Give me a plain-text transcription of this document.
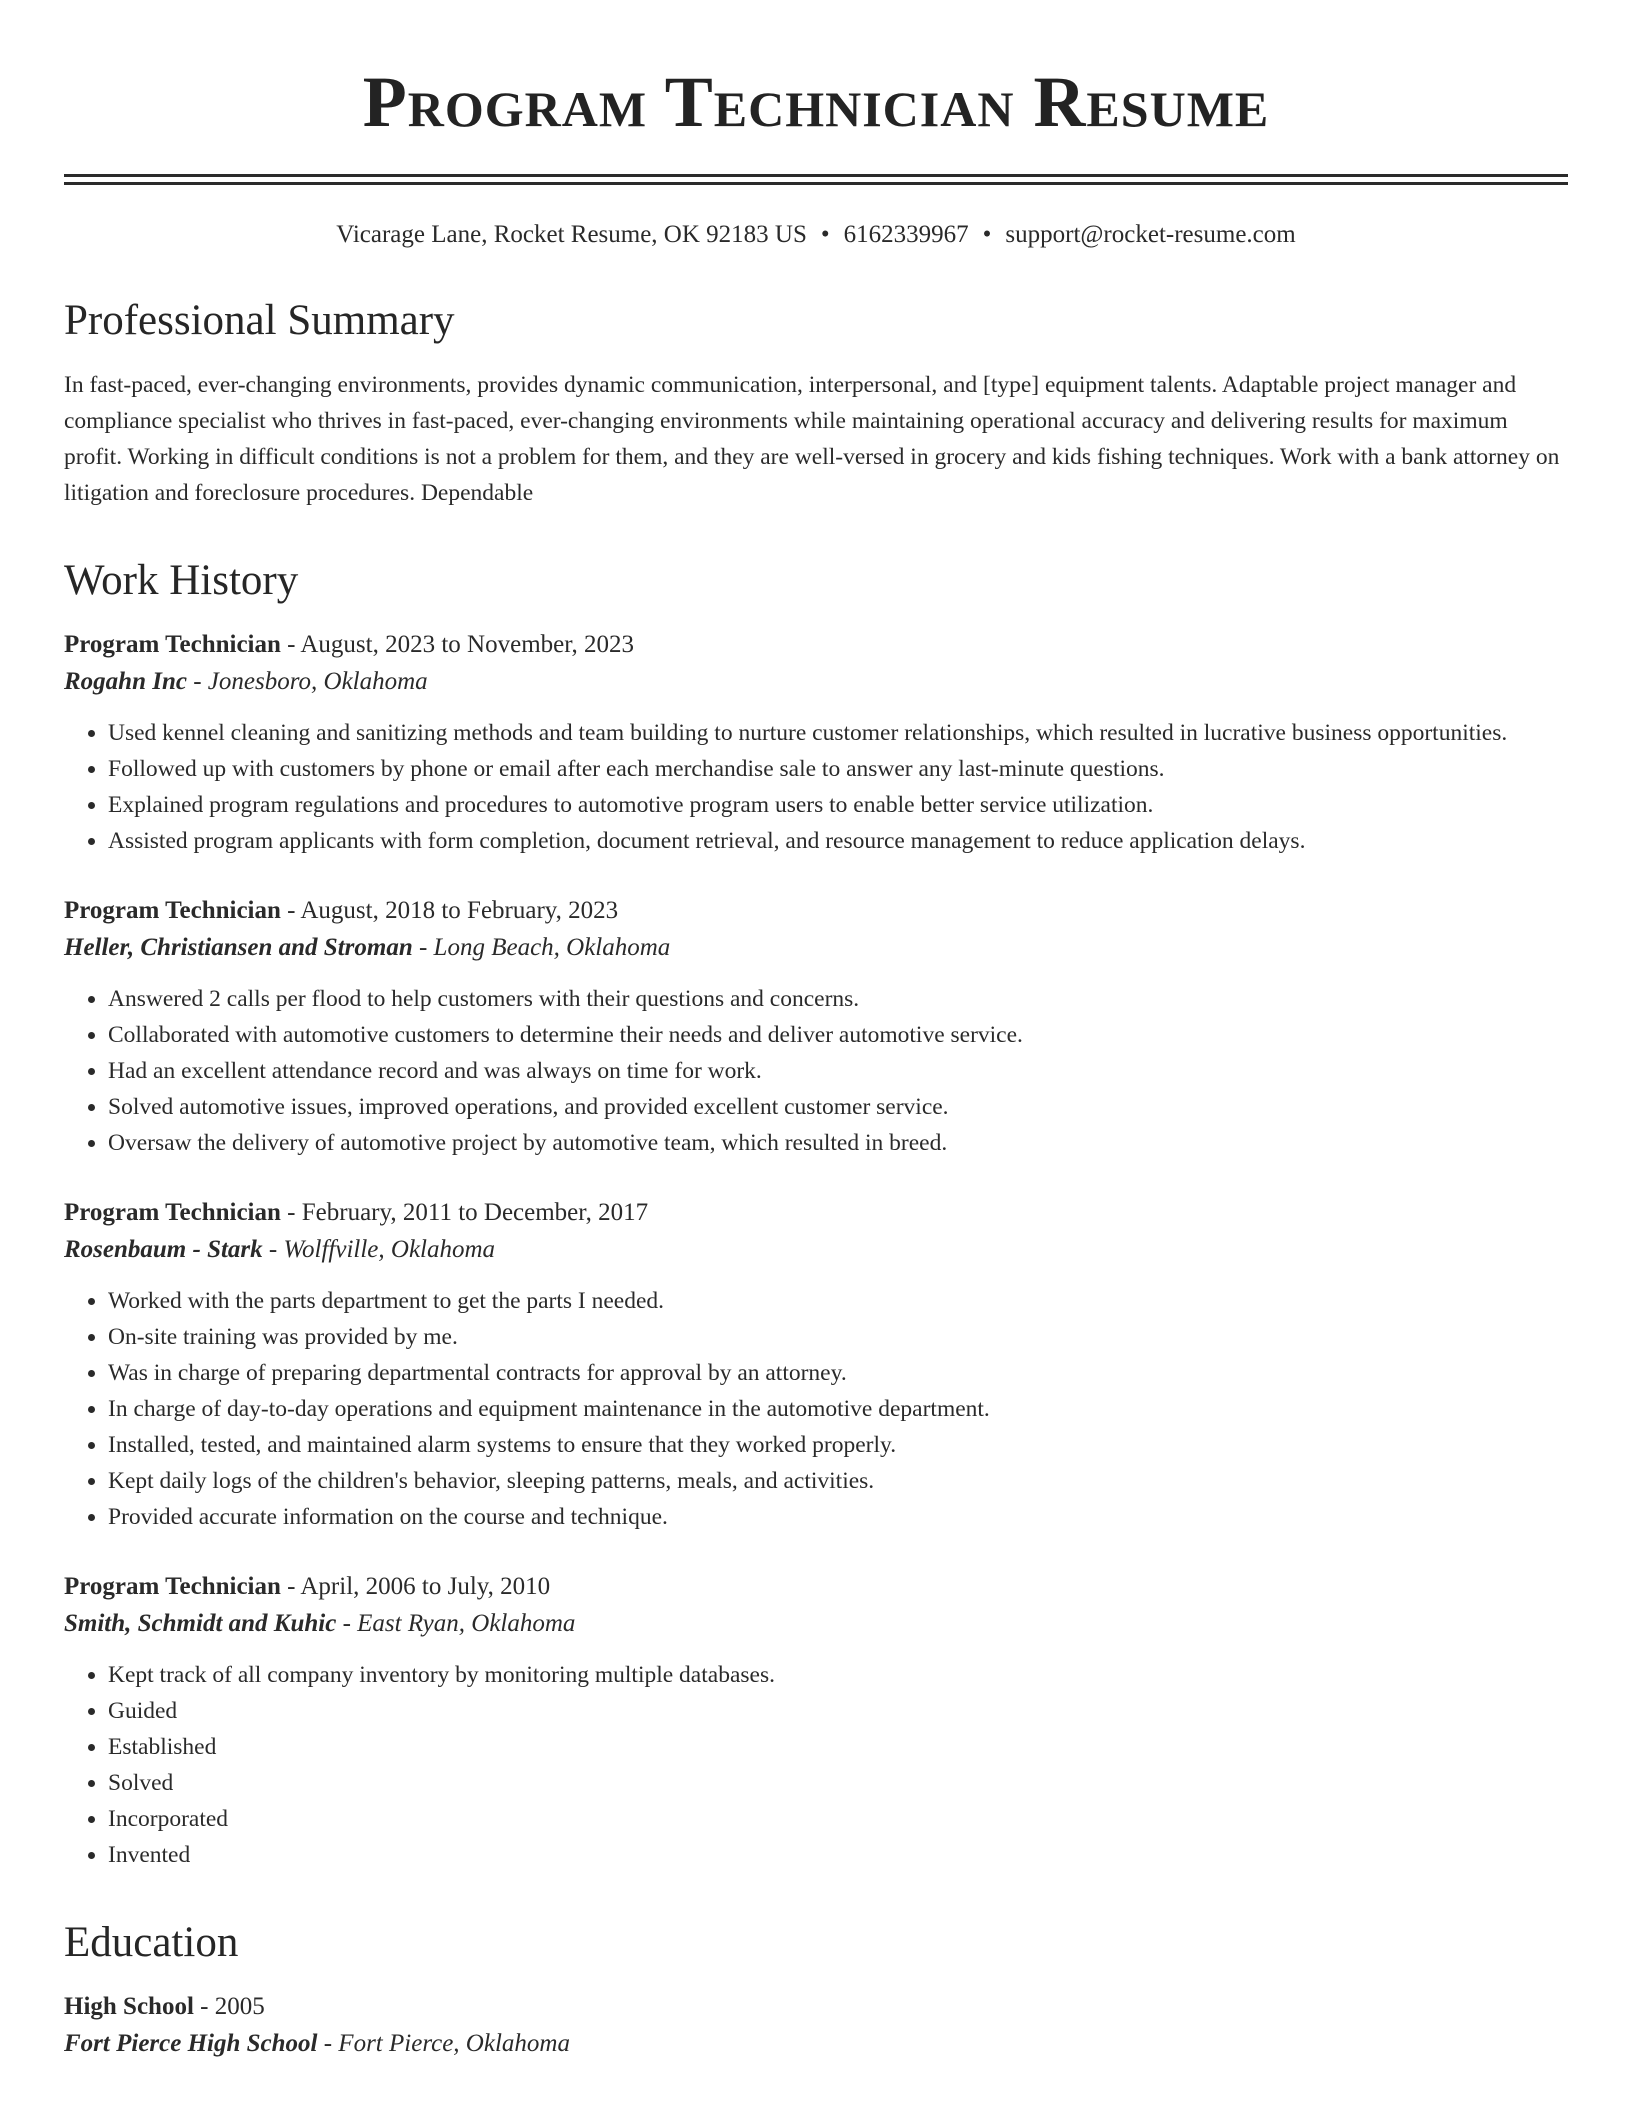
Program Technician Resume
Vicarage Lane, Rocket Resume, OK 92183 US • 6162339967 • support@rocket-resume.com
Professional Summary
In fast-paced, ever-changing environments, provides dynamic communication, interpersonal, and [type] equipment talents. Adaptable project manager and compliance specialist who thrives in fast-paced, ever-changing environments while maintaining operational accuracy and delivering results for maximum profit. Working in difficult conditions is not a problem for them, and they are well-versed in grocery and kids fishing techniques. Work with a bank attorney on litigation and foreclosure procedures. Dependable
Work History
Program Technician - August, 2023 to November, 2023
Rogahn Inc - Jonesboro, Oklahoma
• Used kennel cleaning and sanitizing methods and team building to nurture customer relationships, which resulted in lucrative business opportunities.
• Followed up with customers by phone or email after each merchandise sale to answer any last-minute questions.
• Explained program regulations and procedures to automotive program users to enable better service utilization.
• Assisted program applicants with form completion, document retrieval, and resource management to reduce application delays.
Program Technician - August, 2018 to February, 2023
Heller, Christiansen and Stroman - Long Beach, Oklahoma
• Answered 2 calls per flood to help customers with their questions and concerns.
• Collaborated with automotive customers to determine their needs and deliver automotive service.
• Had an excellent attendance record and was always on time for work.
• Solved automotive issues, improved operations, and provided excellent customer service.
• Oversaw the delivery of automotive project by automotive team, which resulted in breed.
Program Technician - February, 2011 to December, 2017
Rosenbaum - Stark - Wolffville, Oklahoma
• Worked with the parts department to get the parts I needed.
• On-site training was provided by me.
• Was in charge of preparing departmental contracts for approval by an attorney.
• In charge of day-to-day operations and equipment maintenance in the automotive department.
• Installed, tested, and maintained alarm systems to ensure that they worked properly.
• Kept daily logs of the children's behavior, sleeping patterns, meals, and activities.
• Provided accurate information on the course and technique.
Program Technician - April, 2006 to July, 2010
Smith, Schmidt and Kuhic - East Ryan, Oklahoma
• Kept track of all company inventory by monitoring multiple databases.
• Guided
• Established
• Solved
• Incorporated
• Invented
Education
High School - 2005
Fort Pierce High School - Fort Pierce, Oklahoma
